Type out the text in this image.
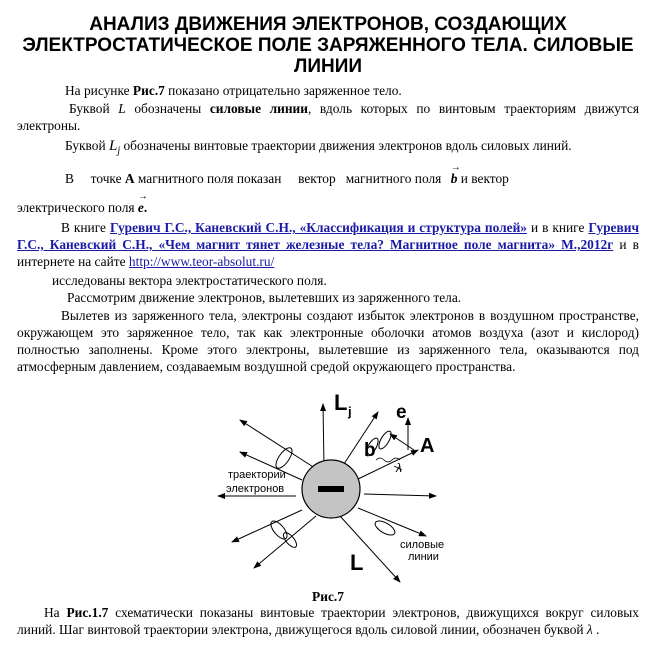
АНАЛИЗ ДВИЖЕНИЯ ЭЛЕКТРОНОВ, СОЗДАЮЩИХ
ЭЛЕКТРОСТАТИЧЕСКОЕ ПОЛЕ ЗАРЯЖЕННОГО ТЕЛА. СИЛОВЫЕ
ЛИНИИ
На рисунке Рис.7 показано отрицательно заряженное тело.
Буквой L обозначены силовые линии, вдоль которых по винтовым траекториям движутся электроны.
Буквой $L_j$ обозначены винтовые траектории движения электронов вдоль силовых линий.
В     точке А магнитного поля показан     вектор   магнитного поля → b и вектор
электрического поля → е.
В книге Гуревич Г.С., Каневский С.Н., «Классификация и структура полей» и в книге Гуревич Г.С., Каневский С.Н., «Чем магнит тянет железные тела? Магнитное поле магнита» М.,2012г и в интернете на сайте http://www.teor-absolut.ru/
исследованы вектора электростатического поля.
Рассмотрим движение электронов, вылетевших из заряженного тела.
Вылетев из заряженного тела, электроны создают избыток электронов в воздушном пространстве, окружающем это заряженное тело, так как электронные оболочки атомов воздуха (азот и кислород) полностью заполнены. Кроме этого электроны, вылетевшие из заряженного тела, оказываются под атмосферным давлением, создаваемым воздушной средой окружающего пространства.
L j e
b A
λ
L
траектории
электронов
силовые
линии
Рис.7
На Рис.1.7 схематически показаны винтовые траектории электронов, движущихся вокруг силовых линий. Шаг винтовой траектории электрона, движущегося вдоль силовой линии, обозначен буквой λ .
